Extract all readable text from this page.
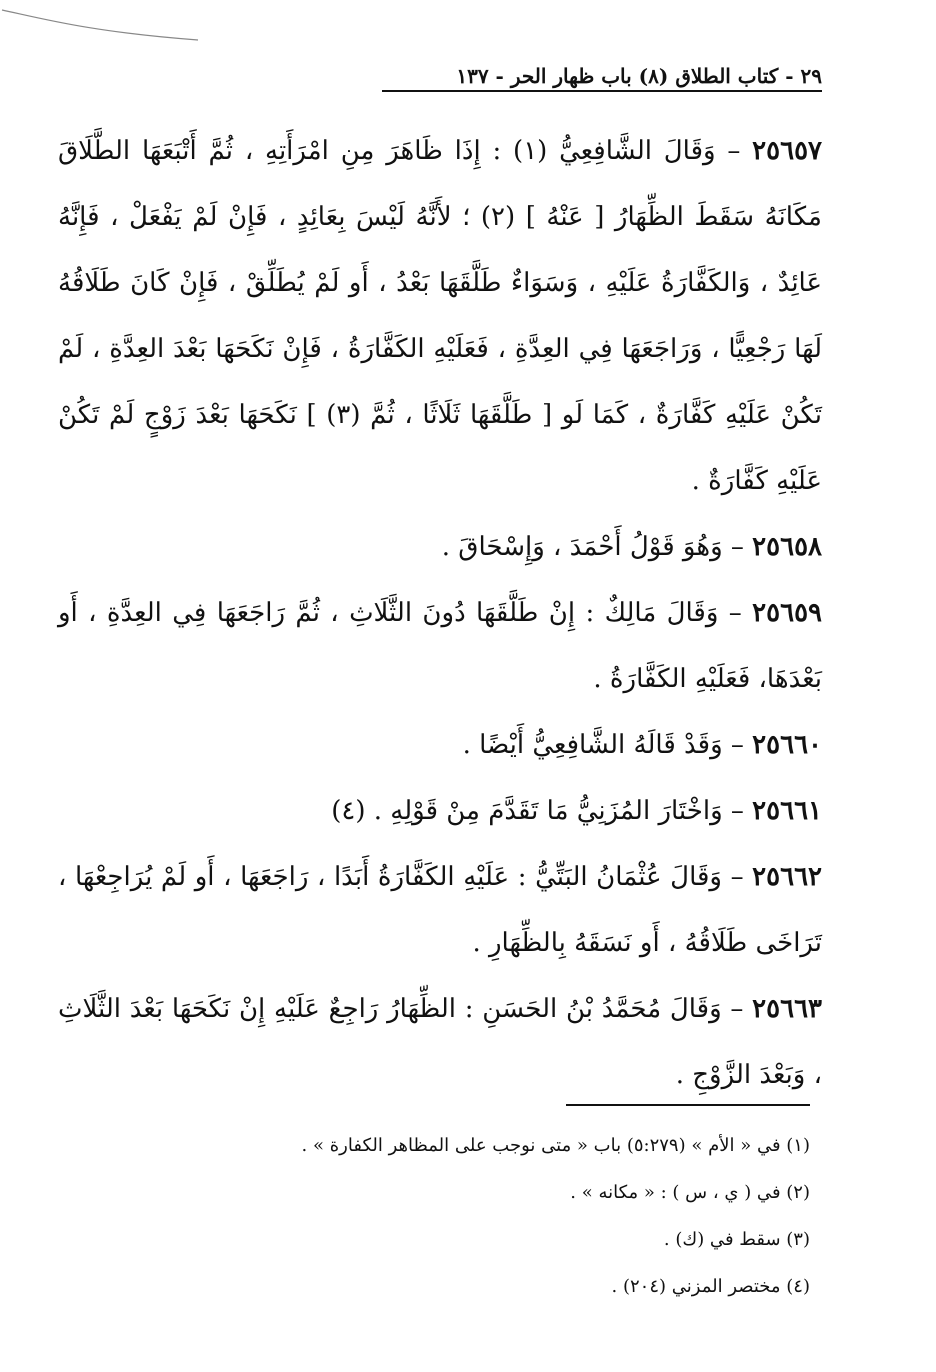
٢٩ - كتاب الطلاق (٨) باب ظهار الحر - ١٣٧

٢٥٦٥٧ – وَقَالَ الشَّافِعِيُّ (١) : إِذَا ظَاهَرَ مِنِ امْرَأَتِهِ ، ثُمَّ أَتْبَعَهَا الطَّلَاقَ مَكَانَهُ سَقَطَ الظِّهَارُ [ عَنْهُ ] (٢) ؛ لأَنَّهُ لَيْسَ بِعَائِدٍ ، فَإِنْ لَمْ يَفْعَلْ ، فَإِنَّهُ عَائِدٌ ، وَالكَفَّارَةُ عَلَيْهِ ، وَسَوَاءٌ طَلَّقَهَا بَعْدُ ، أَو لَمْ يُطَلِّقْ ، فَإِنْ كَانَ طَلَاقُهُ لَهَا رَجْعِيًّا ، وَرَاجَعَهَا فِي العِدَّةِ ، فَعَلَيْهِ الكَفَّارَةُ ، فَإِنْ نَكَحَهَا بَعْدَ العِدَّةِ ، لَمْ تَكُنْ عَلَيْهِ كَفَّارَةٌ ، كَمَا لَو [ طَلَّقَهَا ثَلَاثًا ، ثُمَّ (٣) ] نَكَحَهَا بَعْدَ زَوْجٍ لَمْ تَكُنْ عَلَيْهِ كَفَّارَةٌ .

٢٥٦٥٨ – وَهُوَ قَوْلُ أَحْمَدَ ، وَإِسْحَاقَ .

٢٥٦٥٩ – وَقَالَ مَالِكٌ : إِنْ طَلَّقَهَا دُونَ الثَّلَاثِ ، ثُمَّ رَاجَعَهَا فِي العِدَّةِ ، أَو بَعْدَهَا، فَعَلَيْهِ الكَفَّارَةُ .

٢٥٦٦٠ – وَقَدْ قَالَهُ الشَّافِعِيُّ أَيْضًا .

٢٥٦٦١ – وَاخْتَارَ المُزَنِيُّ مَا تَقَدَّمَ مِنْ قَوْلِهِ . (٤)

٢٥٦٦٢ – وَقَالَ عُثْمَانُ البَتِّيُّ : عَلَيْهِ الكَفَّارَةُ أَبَدًا ، رَاجَعَهَا ، أَو لَمْ يُرَاجِعْهَا ، تَرَاخَى طَلَاقُهُ ، أَو نَسَقَهُ بِالظِّهَارِ .

٢٥٦٦٣ – وَقَالَ مُحَمَّدُ بْنُ الحَسَنِ : الظِّهَارُ رَاجِعٌ عَلَيْهِ إِنْ نَكَحَهَا بَعْدَ الثَّلَاثِ ، وَبَعْدَ الزَّوْجِ .

(١) في « الأم » (٥:٢٧٩) باب « متى نوجب على المظاهر الكفارة » .

(٢) في ( ي ، س ) : « مكانه » .

(٣) سقط في (ك) .

(٤) مختصر المزني (٢٠٤) .
